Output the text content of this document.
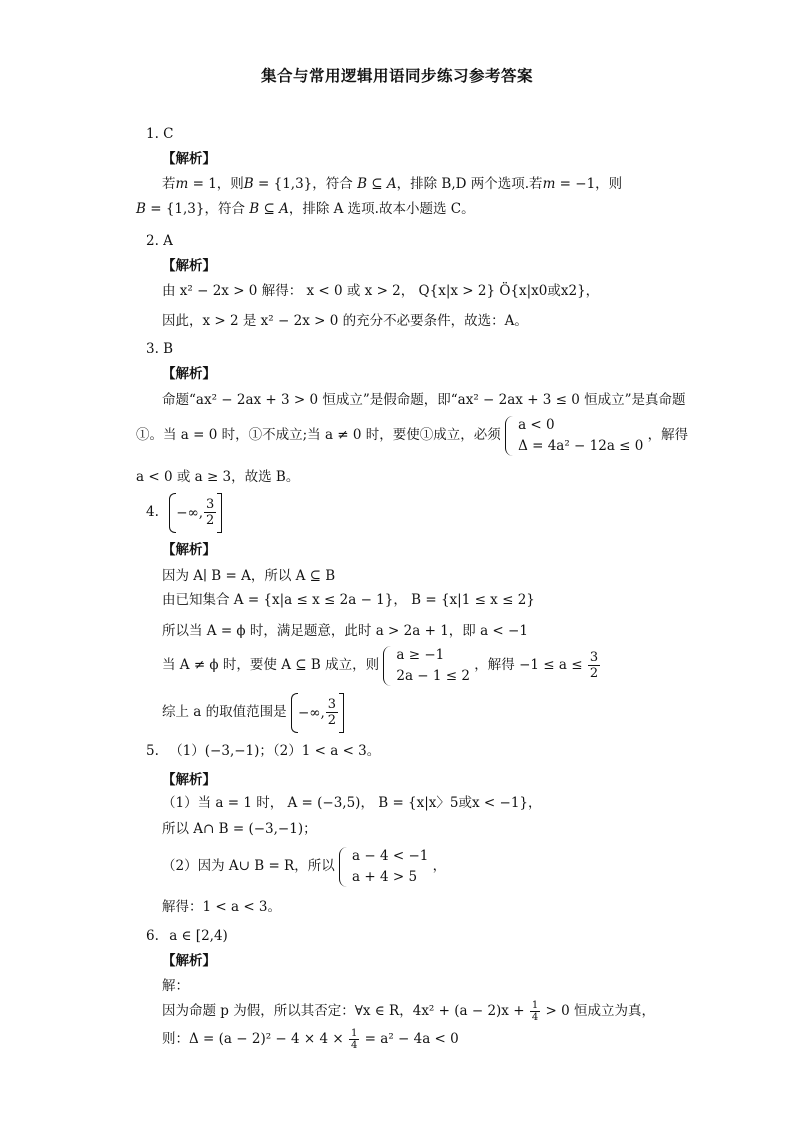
集合与常用逻辑用语同步练习参考答案
1. C
【解析】
若m = 1，则B = {1,3}，符合 B ⊆ A，排除 B,D 两个选项.若m = −1，则
B = {1,3}，符合 B ⊆ A，排除 A 选项.故本小题选 C。
2. A
【解析】
由 x² − 2x > 0 解得： x < 0 或 x > 2， Q{x|x > 2} Ö{x|x0或x2}，
因此，x > 2 是 x² − 2x > 0 的充分不必要条件，故选：A。
3. B
【解析】
命题“ax² − 2ax + 3 > 0 恒成立”是假命题，即“ax² − 2ax + 3 ≤ 0 恒成立”是真命题
①。当 a = 0 时，①不成立;当 a ≠ 0 时，要使①成立，必须
a < 0
Δ = 4a² − 12a ≤ 0
，解得
a < 0 或 a ≥ 3，故选 B。
4. −∞, $\frac{3}{2}$
【解析】
因为 A∣ B = A，所以 A ⊆ B
由已知集合 A = {x|a ≤ x ≤ 2a − 1}， B = {x|1 ≤ x ≤ 2}
所以当 A = ϕ 时，满足题意，此时 a > 2a + 1，即 a < −1
当 A ≠ ϕ 时，要使 A ⊆ B 成立，则
a ≥ −1
2a − 1 ≤ 2
，解得 $-1 \le a \le \frac{3}{2}$
综上 a 的取值范围是 −∞, $\frac{3}{2}$
5. （1）(−3,−1)；（2）1 < a < 3。
【解析】
（1）当 a = 1 时， A = (−3,5)， B = {x|x〉5或x < −1}，
所以 A∩ B = (−3,−1)；
（2）因为 A∪ B = R，所以
a − 4 < −1
a + 4 > 5
，
解得：1 < a < 3。
6. a ∈ [2,4)
【解析】
解：
因为命题 p 为假，所以其否定：∀x ∈ R，$4x^2 + (a - 2)x + \frac{1}{4} > 0$ 恒成立为真，
则：$\Delta = (a - 2)^2 - 4 \times 4 \times \frac{1}{4} = a^2 - 4a < 0$
